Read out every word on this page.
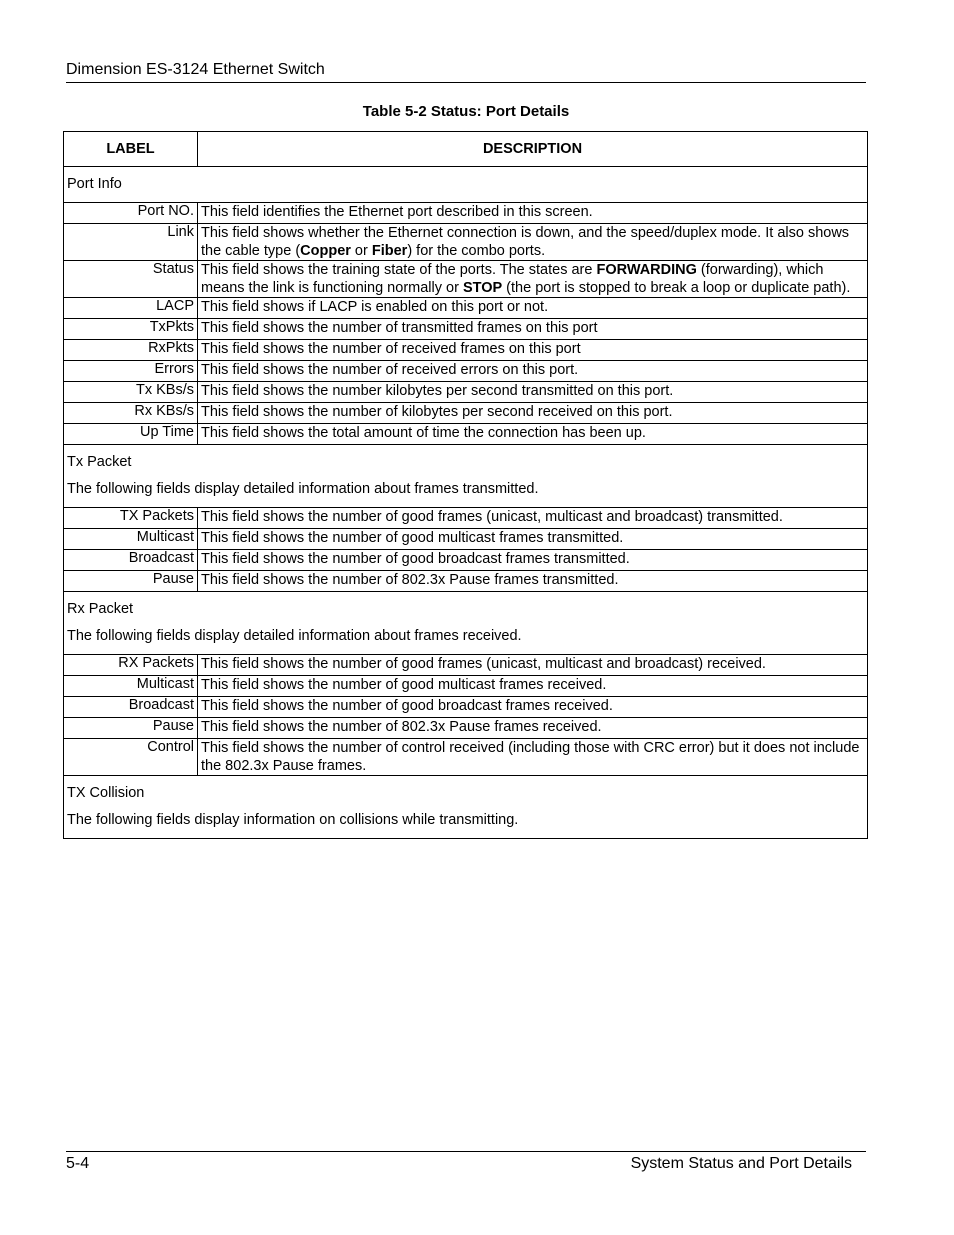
Dimension ES-3124 Ethernet Switch
Table 5-2 Status: Port Details
LABEL	DESCRIPTION
Port Info	
Port NO.	This field identifies the Ethernet port described in this screen.
Link	This field shows whether the Ethernet connection is down, and the speed/duplex mode. It also shows the cable type (Copper or Fiber) for the combo ports.
Status	This field shows the training state of the ports. The states are FORWARDING (forwarding), which means the link is functioning normally or STOP (the port is stopped to break a loop or duplicate path).
LACP	This field shows if LACP is enabled on this port or not.
TxPkts	This field shows the number of transmitted frames on this port
RxPkts	This field shows the number of received frames on this port
Errors	This field shows the number of received errors on this port.
Tx KBs/s	This field shows the number kilobytes per second transmitted on this port.
Rx KBs/s	This field shows the number of kilobytes per second received on this port.
Up Time	This field shows the total amount of time the connection has been up.

Tx Packet
The following fields display detailed information about frames transmitted.	

TX Packets	This field shows the number of good frames (unicast, multicast and broadcast) transmitted.
Multicast	This field shows the number of good multicast frames transmitted.
Broadcast	This field shows the number of good broadcast frames transmitted.
Pause	This field shows the number of 802.3x Pause frames transmitted.

Rx Packet
The following fields display detailed information about frames received.	

RX Packets	This field shows the number of good frames (unicast, multicast and broadcast) received.
Multicast	This field shows the number of good multicast frames received.
Broadcast	This field shows the number of good broadcast frames received.
Pause	This field shows the number of 802.3x Pause frames received.
Control	This field shows the number of control received (including those with CRC error) but it does not include the 802.3x Pause frames.

TX Collision
The following fields display information on collisions while transmitting.	
5-4	System Status and Port Details
